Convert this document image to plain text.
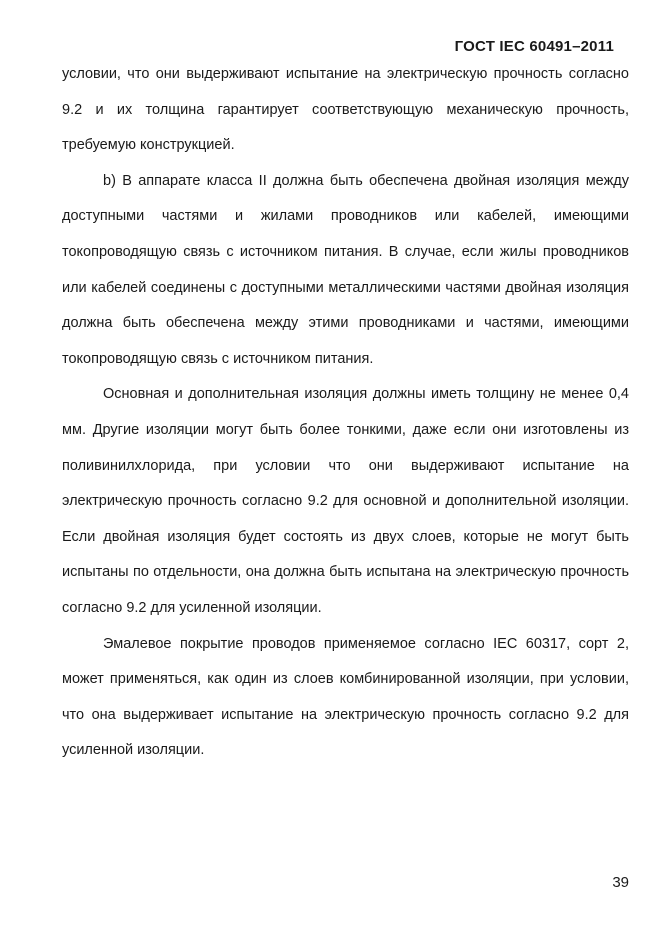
ГОСТ IEC 60491–2011

условии, что они выдерживают испытание на электрическую прочность согласно 9.2 и их толщина гарантирует соответствующую механическую прочность, требуемую конструкцией.

b) В аппарате класса II должна быть обеспечена двойная изоляция между доступными частями и жилами проводников или кабелей, имеющими токопроводящую связь с источником питания. В случае, если жилы проводников или кабелей соединены с доступными металлическими частями двойная изоляция должна быть обеспечена между этими проводниками и частями, имеющими токопроводящую связь с источником питания.

Основная и дополнительная изоляция должны иметь толщину не менее 0,4 мм. Другие изоляции могут быть более тонкими, даже если они изготовлены из поливинилхлорида, при условии что они выдерживают испытание на электрическую прочность согласно 9.2 для основной и дополнительной изоляции. Если двойная изоляция будет состоять из двух слоев, которые не могут быть испытаны по отдельности, она должна быть испытана на электрическую прочность согласно 9.2 для усиленной изоляции.

Эмалевое покрытие проводов применяемое согласно IEC 60317, сорт 2, может применяться, как один из слоев комбинированной изоляции, при условии, что она выдерживает испытание на электрическую прочность согласно 9.2 для усиленной изоляции.

39
